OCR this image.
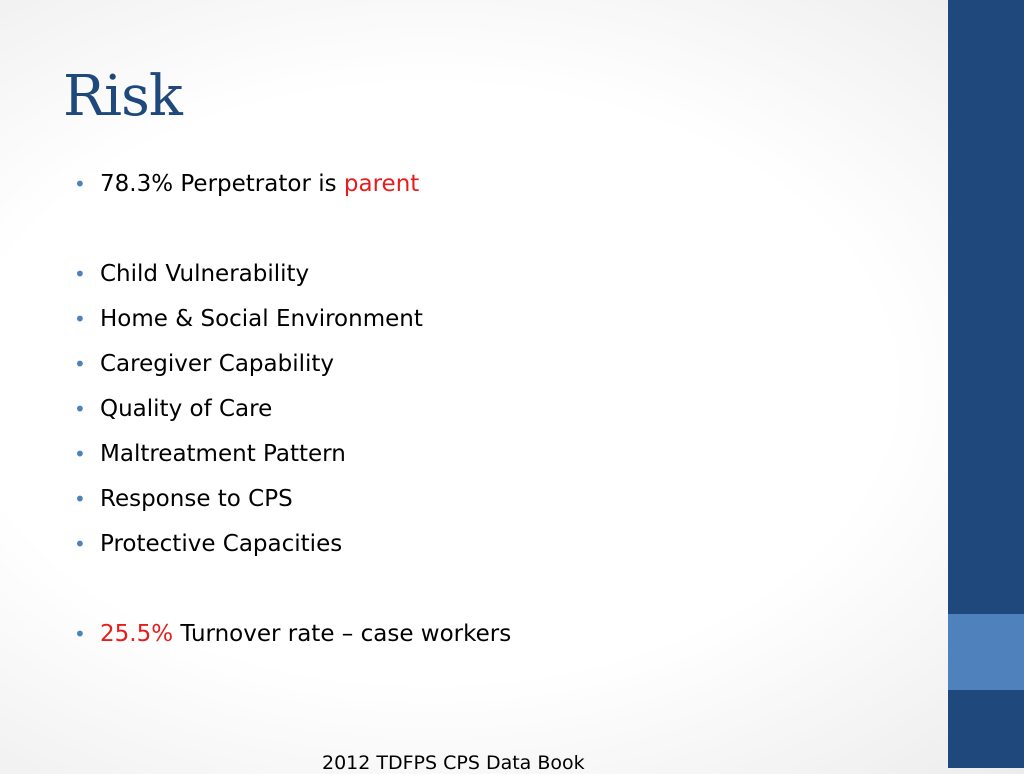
Risk
• 78.3% Perpetrator is parent
• Child Vulnerability
• Home & Social Environment
• Caregiver Capability
• Quality of Care
• Maltreatment Pattern
• Response to CPS
• Protective Capacities
• 25.5% Turnover rate – case workers
2012 TDFPS CPS Data Book
